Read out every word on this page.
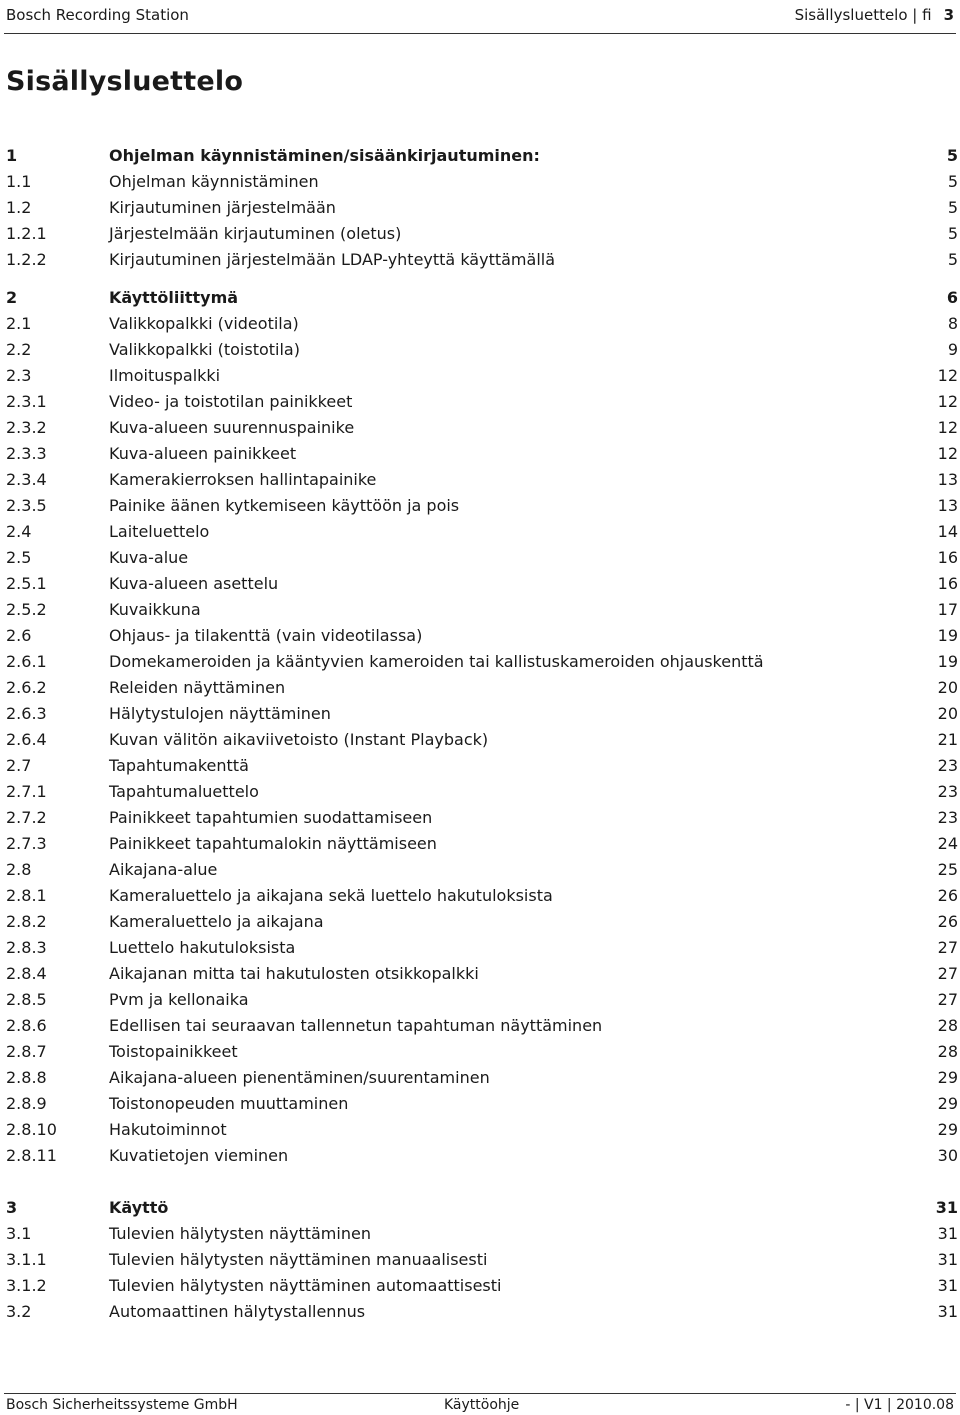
Bosch Recording Station	Sisällysluettelo | fi 3
Sisällysluettelo
1	Ohjelman käynnistäminen/sisäänkirjautuminen:	5
1.1	Ohjelman käynnistäminen	5
1.2	Kirjautuminen järjestelmään	5
1.2.1	Järjestelmään kirjautuminen (oletus)	5
1.2.2	Kirjautuminen järjestelmään LDAP-yhteyttä käyttämällä	5
2	Käyttöliittymä	6
2.1	Valikkopalkki (videotila)	8
2.2	Valikkopalkki (toistotila)	9
2.3	Ilmoituspalkki	12
2.3.1	Video- ja toistotilan painikkeet	12
2.3.2	Kuva-alueen suurennuspainike	12
2.3.3	Kuva-alueen painikkeet	12
2.3.4	Kamerakierroksen hallintapainike	13
2.3.5	Painike äänen kytkemiseen käyttöön ja pois	13
2.4	Laiteluettelo	14
2.5	Kuva-alue	16
2.5.1	Kuva-alueen asettelu	16
2.5.2	Kuvaikkuna	17
2.6	Ohjaus- ja tilakenttä (vain videotilassa)	19
2.6.1	Domekameroiden ja kääntyvien kameroiden tai kallistuskameroiden ohjauskenttä	19
2.6.2	Releiden näyttäminen	20
2.6.3	Hälytystulojen näyttäminen	20
2.6.4	Kuvan välitön aikaviivetoisto (Instant Playback)	21
2.7	Tapahtumakenttä	23
2.7.1	Tapahtumaluettelo	23
2.7.2	Painikkeet tapahtumien suodattamiseen	23
2.7.3	Painikkeet tapahtumalokin näyttämiseen	24
2.8	Aikajana-alue	25
2.8.1	Kameraluettelo ja aikajana sekä luettelo hakutuloksista	26
2.8.2	Kameraluettelo ja aikajana	26
2.8.3	Luettelo hakutuloksista	27
2.8.4	Aikajanan mitta tai hakutulosten otsikkopalkki	27
2.8.5	Pvm ja kellonaika	27
2.8.6	Edellisen tai seuraavan tallennetun tapahtuman näyttäminen	28
2.8.7	Toistopainikkeet	28
2.8.8	Aikajana-alueen pienentäminen/suurentaminen	29
2.8.9	Toistonopeuden muuttaminen	29
2.8.10	Hakutoiminnot	29
2.8.11	Kuvatietojen vieminen	30
3	Käyttö	31
3.1	Tulevien hälytysten näyttäminen	31
3.1.1	Tulevien hälytysten näyttäminen manuaalisesti	31
3.1.2	Tulevien hälytysten näyttäminen automaattisesti	31
3.2	Automaattinen hälytystallennus	31
Bosch Sicherheitssysteme GmbH	Käyttöohje	- | V1 | 2010.08
